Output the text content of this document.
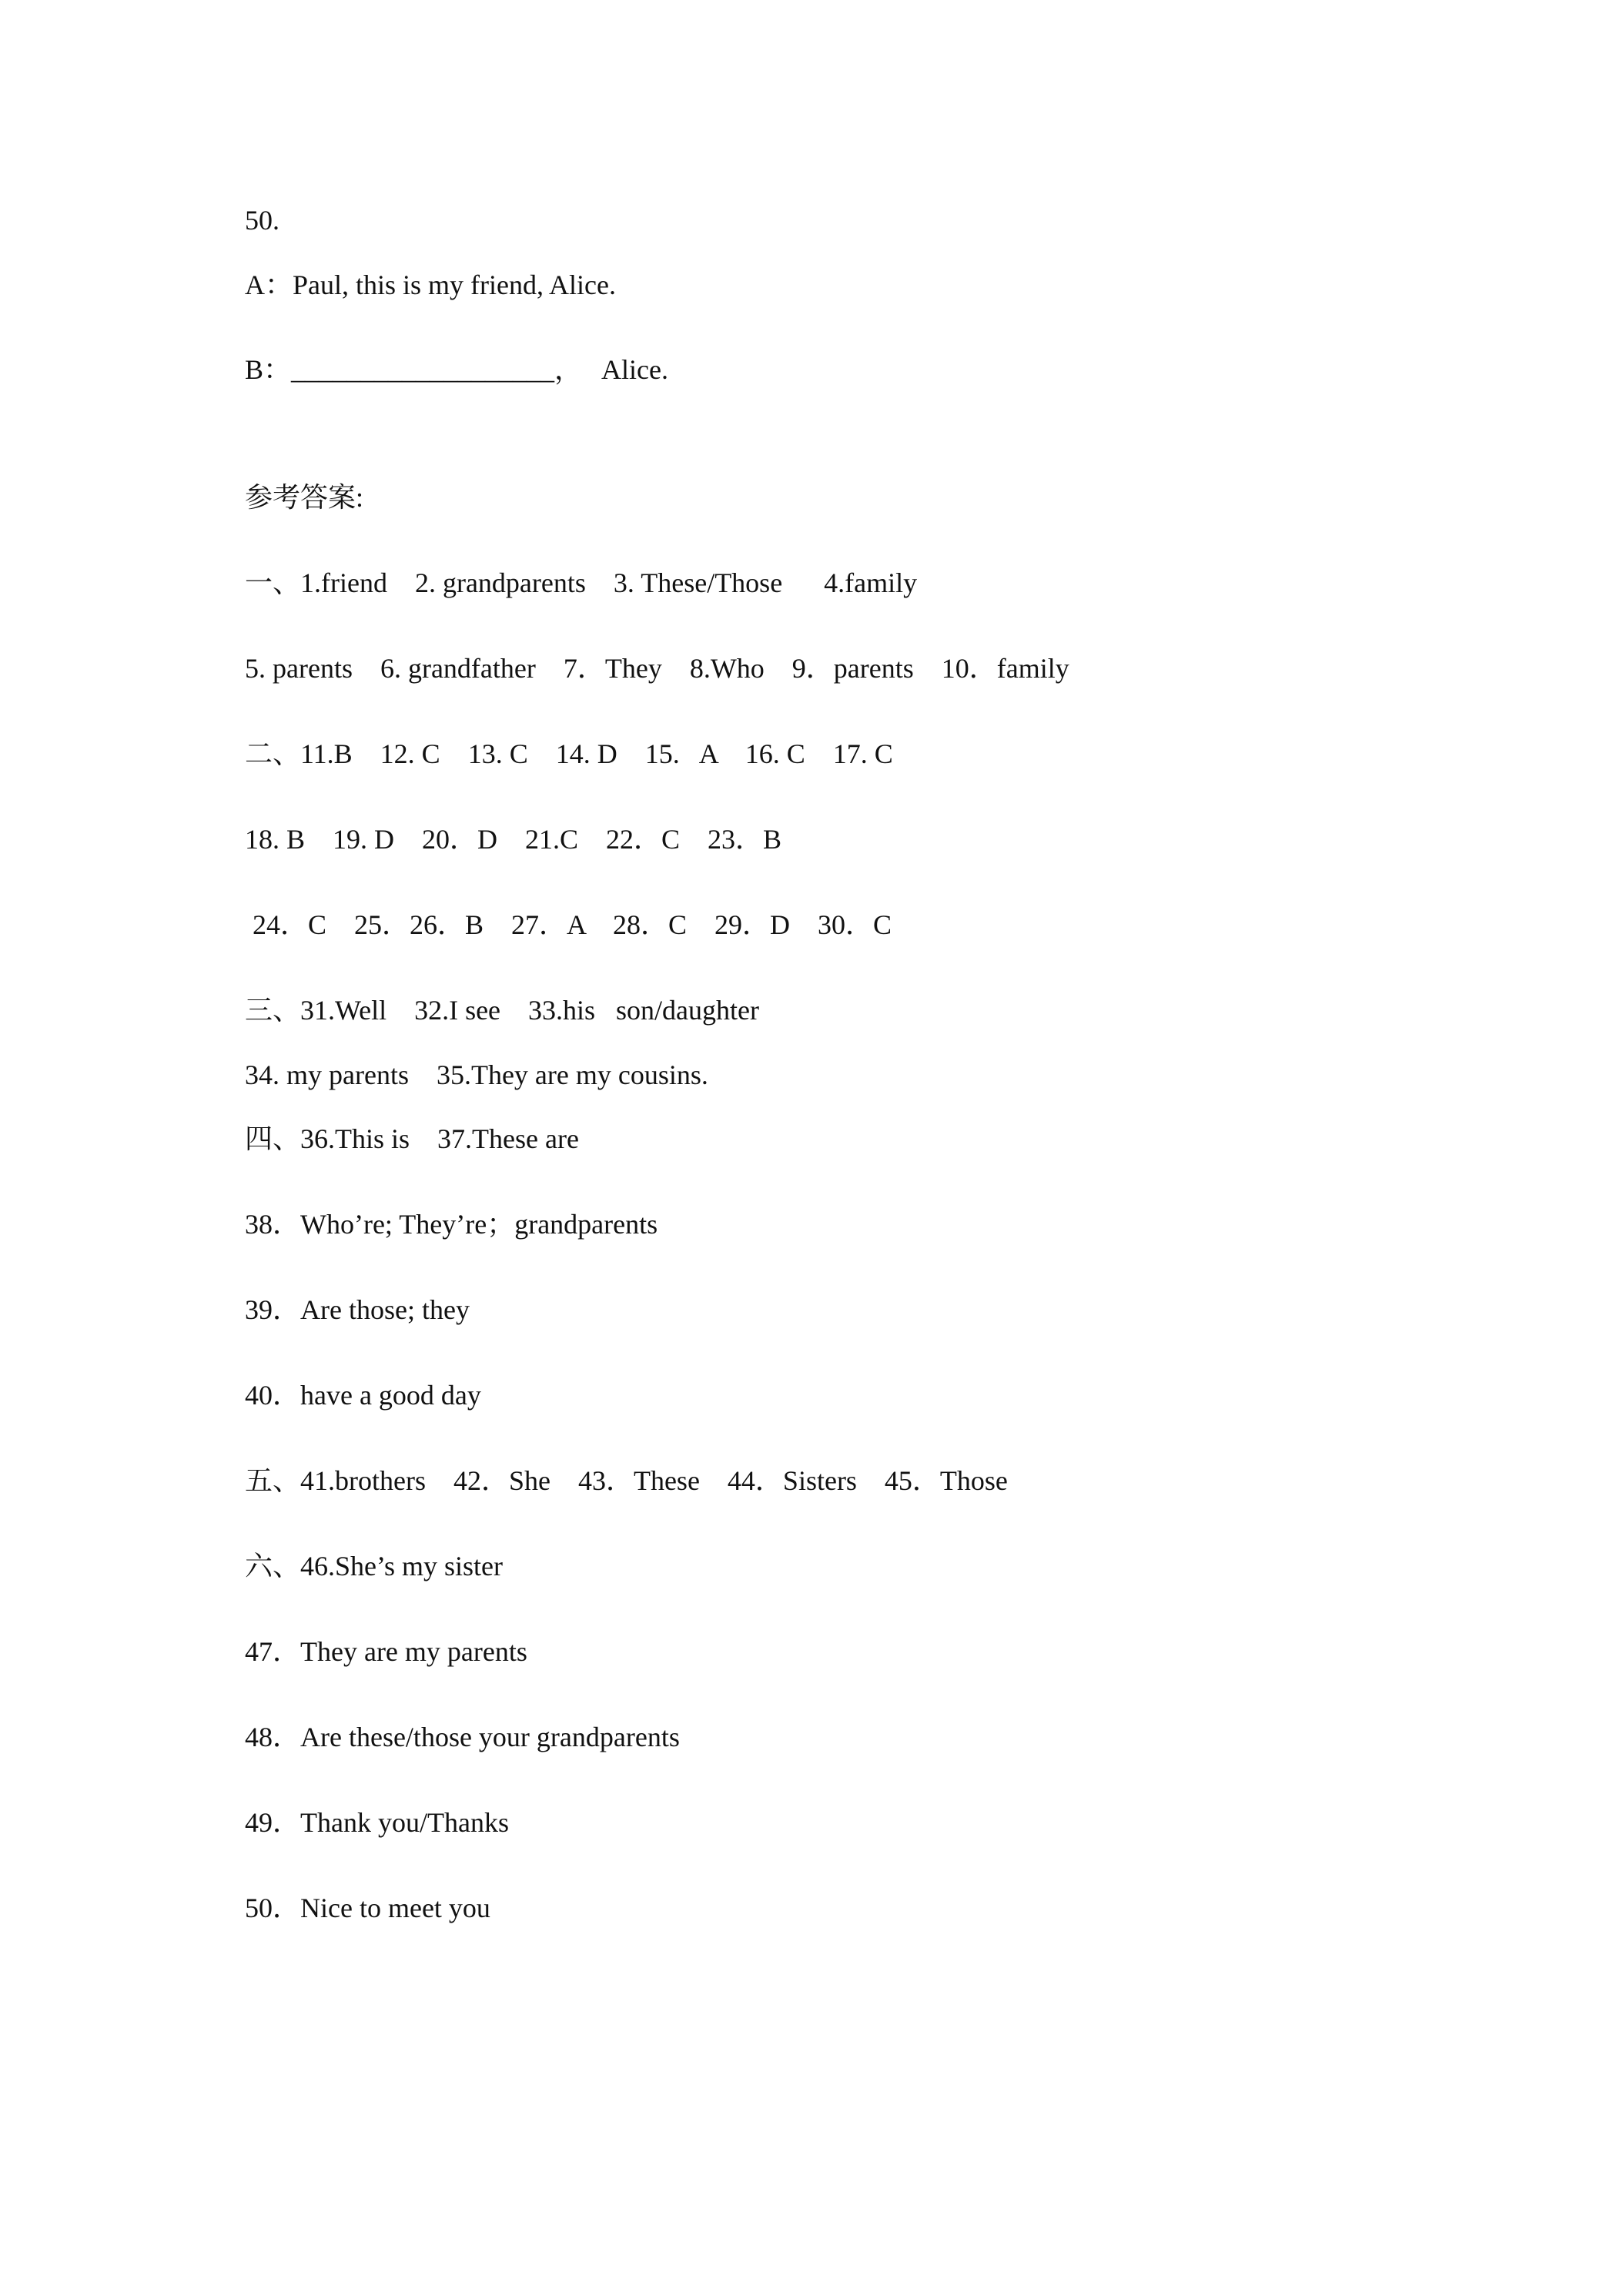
50.
A：Paul, this is my friend, Alice.
B：___________________，   Alice.
参考答案:
一、1.friend    2. grandparents    3. These/Those      4.family
5. parents    6. grandfather    7．They    8.Who    9．parents    10．family
二、11.B    12. C    13. C    14. D    15.   A    16. C    17. C
18. B    19. D    20．D    21.C    22．C    23．B
24．C    25．26．B    27．A    28．C    29．D    30．C
三、31.Well    32.I see    33.his   son/daughter
34. my parents    35.They are my cousins.
四、36.This is    37.These are
38．Who’re; They’re；grandparents
39．Are those; they
40．have a good day
五、41.brothers    42．She    43．These    44．Sisters    45．Those
六、46.She’s my sister
47．They are my parents
48．Are these/those your grandparents
49．Thank you/Thanks
50．Nice to meet you
